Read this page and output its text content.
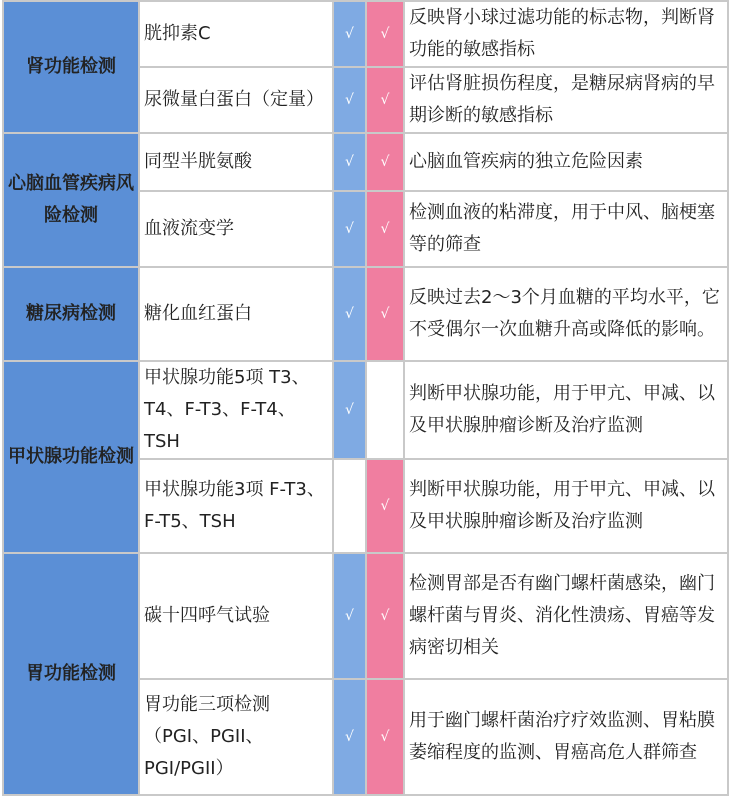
肾功能检测	胱抑素C	√	√	反映肾小球过滤功能的标志物，判断肾功能的敏感指标
	尿微量白蛋白（定量）	√	√	评估肾脏损伤程度，是糖尿病肾病的早期诊断的敏感指标
心脑血管疾病风险检测	同型半胱氨酸	√	√	心脑血管疾病的独立危险因素
	血液流变学	√	√	检测血液的粘滞度，用于中风、脑梗塞等的筛查
糖尿病检测	糖化血红蛋白	√	√	反映过去2～3个月血糖的平均水平，它不受偶尔一次血糖升高或降低的影响。
甲状腺功能检测	甲状腺功能5项 T3、T4、F-T3、F-T4、TSH	√		判断甲状腺功能，用于甲亢、甲减、以及甲状腺肿瘤诊断及治疗监测
	甲状腺功能3项 F-T3、F-T5、TSH		√	判断甲状腺功能，用于甲亢、甲减、以及甲状腺肿瘤诊断及治疗监测
胃功能检测	碳十四呼气试验	√	√	检测胃部是否有幽门螺杆菌感染，幽门螺杆菌与胃炎、消化性溃疡、胃癌等发病密切相关
	胃功能三项检测（PGI、PGII、PGI/PGII）	√	√	用于幽门螺杆菌治疗疗效监测、胃粘膜萎缩程度的监测、胃癌高危人群筛查
